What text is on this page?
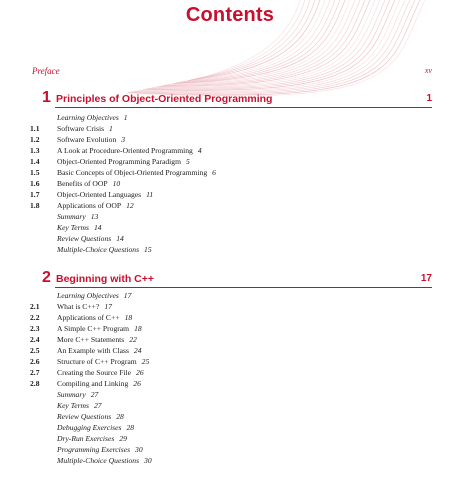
Contents
Preface	xv
1 Principles of Object-Oriented Programming	1
Learning Objectives 1
1.1 Software Crisis 1
1.2 Software Evolution 3
1.3 A Look at Procedure-Oriented Programming 4
1.4 Object-Oriented Programming Paradigm 5
1.5 Basic Concepts of Object-Oriented Programming 6
1.6 Benefits of OOP 10
1.7 Object-Oriented Languages 11
1.8 Applications of OOP 12
Summary 13
Key Terms 14
Review Questions 14
Multiple-Choice Questions 15
2 Beginning with C++	17
Learning Objectives 17
2.1 What is C++? 17
2.2 Applications of C++ 18
2.3 A Simple C++ Program 18
2.4 More C++ Statements 22
2.5 An Example with Class 24
2.6 Structure of C++ Program 25
2.7 Creating the Source File 26
2.8 Compiling and Linking 26
Summary 27
Key Terms 27
Review Questions 28
Debugging Exercises 28
Dry-Run Exercises 29
Programming Exercises 30
Multiple-Choice Questions 30
